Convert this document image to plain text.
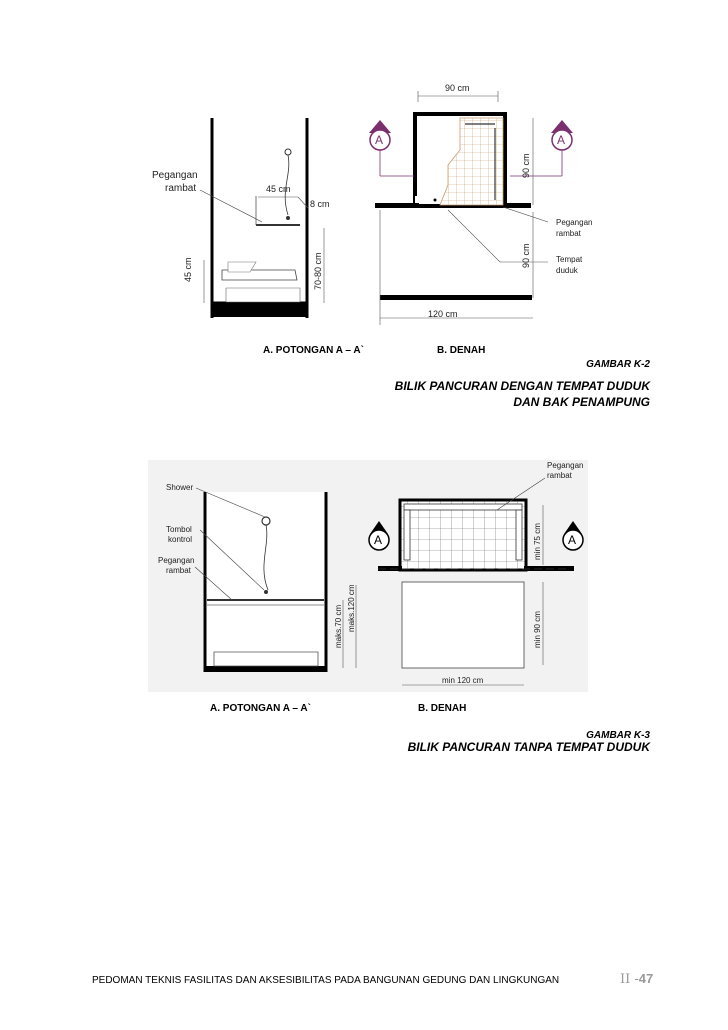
Pegangan
rambat	45 cm
8 cm
45 cm	70-80 cm
A. POTONGAN A – A`
90 cm
90 cm
90 cm
120 cm
A	A
Pegangan
rambat
Tempat
duduk
B. DENAH
GAMBAR K-2
BILIK PANCURAN DENGAN TEMPAT DUDUK
DAN BAK PENAMPUNG
Shower
Tombol
kontrol
Pegangan
rambat
maks.70 cm maks.120 cm
A. POTONGAN A – A`
Pegangan
rambat
min 75 cm
min 90 cm
min 120 cm
A	A
B. DENAH
GAMBAR K-3
BILIK PANCURAN TANPA TEMPAT DUDUK
PEDOMAN TEKNIS FASILITAS DAN AKSESIBILITAS PADA BANGUNAN GEDUNG DAN LINGKUNGAN	II -47
